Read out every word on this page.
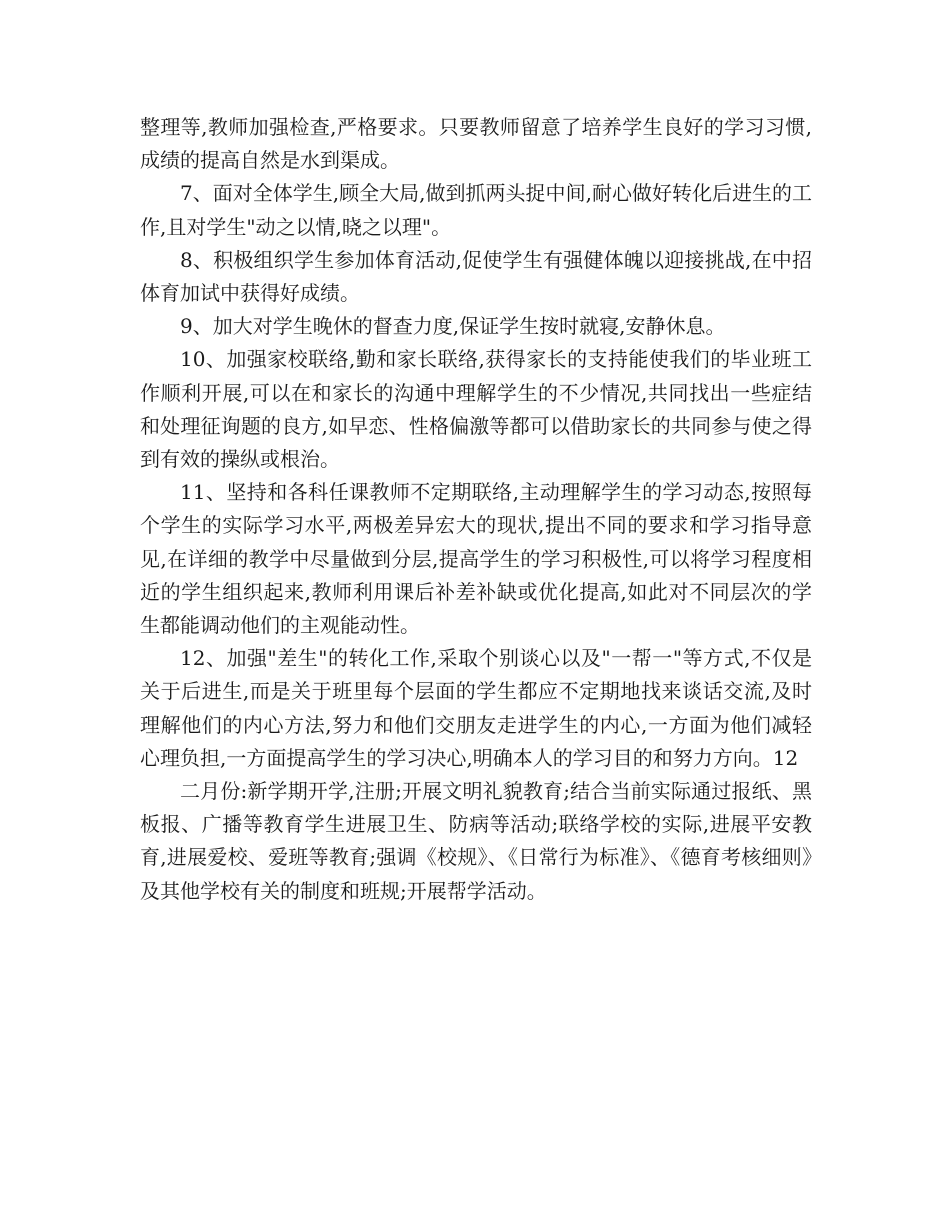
整理等,教师加强检查,严格要求。只要教师留意了培养学生良好的学习习惯,成绩的提高自然是水到渠成。

7、面对全体学生,顾全大局,做到抓两头捉中间,耐心做好转化后进生的工作,且对学生"动之以情,晓之以理"。

8、积极组织学生参加体育活动,促使学生有强健体魄以迎接挑战,在中招体育加试中获得好成绩。

9、加大对学生晚休的督查力度,保证学生按时就寝,安静休息。

10、加强家校联络,勤和家长联络,获得家长的支持能使我们的毕业班工作顺利开展,可以在和家长的沟通中理解学生的不少情况,共同找出一些症结和处理征询题的良方,如早恋、性格偏激等都可以借助家长的共同参与使之得到有效的操纵或根治。

11、坚持和各科任课教师不定期联络,主动理解学生的学习动态,按照每个学生的实际学习水平,两极差异宏大的现状,提出不同的要求和学习指导意见,在详细的教学中尽量做到分层,提高学生的学习积极性,可以将学习程度相近的学生组织起来,教师利用课后补差补缺或优化提高,如此对不同层次的学生都能调动他们的主观能动性。

12、加强"差生"的转化工作,采取个别谈心以及"一帮一"等方式,不仅是关于后进生,而是关于班里每个层面的学生都应不定期地找来谈话交流,及时理解他们的内心方法,努力和他们交朋友走进学生的内心,一方面为他们减轻心理负担,一方面提高学生的学习决心,明确本人的学习目的和努力方向。12

二月份:新学期开学,注册;开展文明礼貌教育;结合当前实际通过报纸、黑板报、广播等教育学生进展卫生、防病等活动;联络学校的实际,进展平安教育,进展爱校、爱班等教育;强调《校规》、《日常行为标准》、《德育考核细则》及其他学校有关的制度和班规;开展帮学活动。
